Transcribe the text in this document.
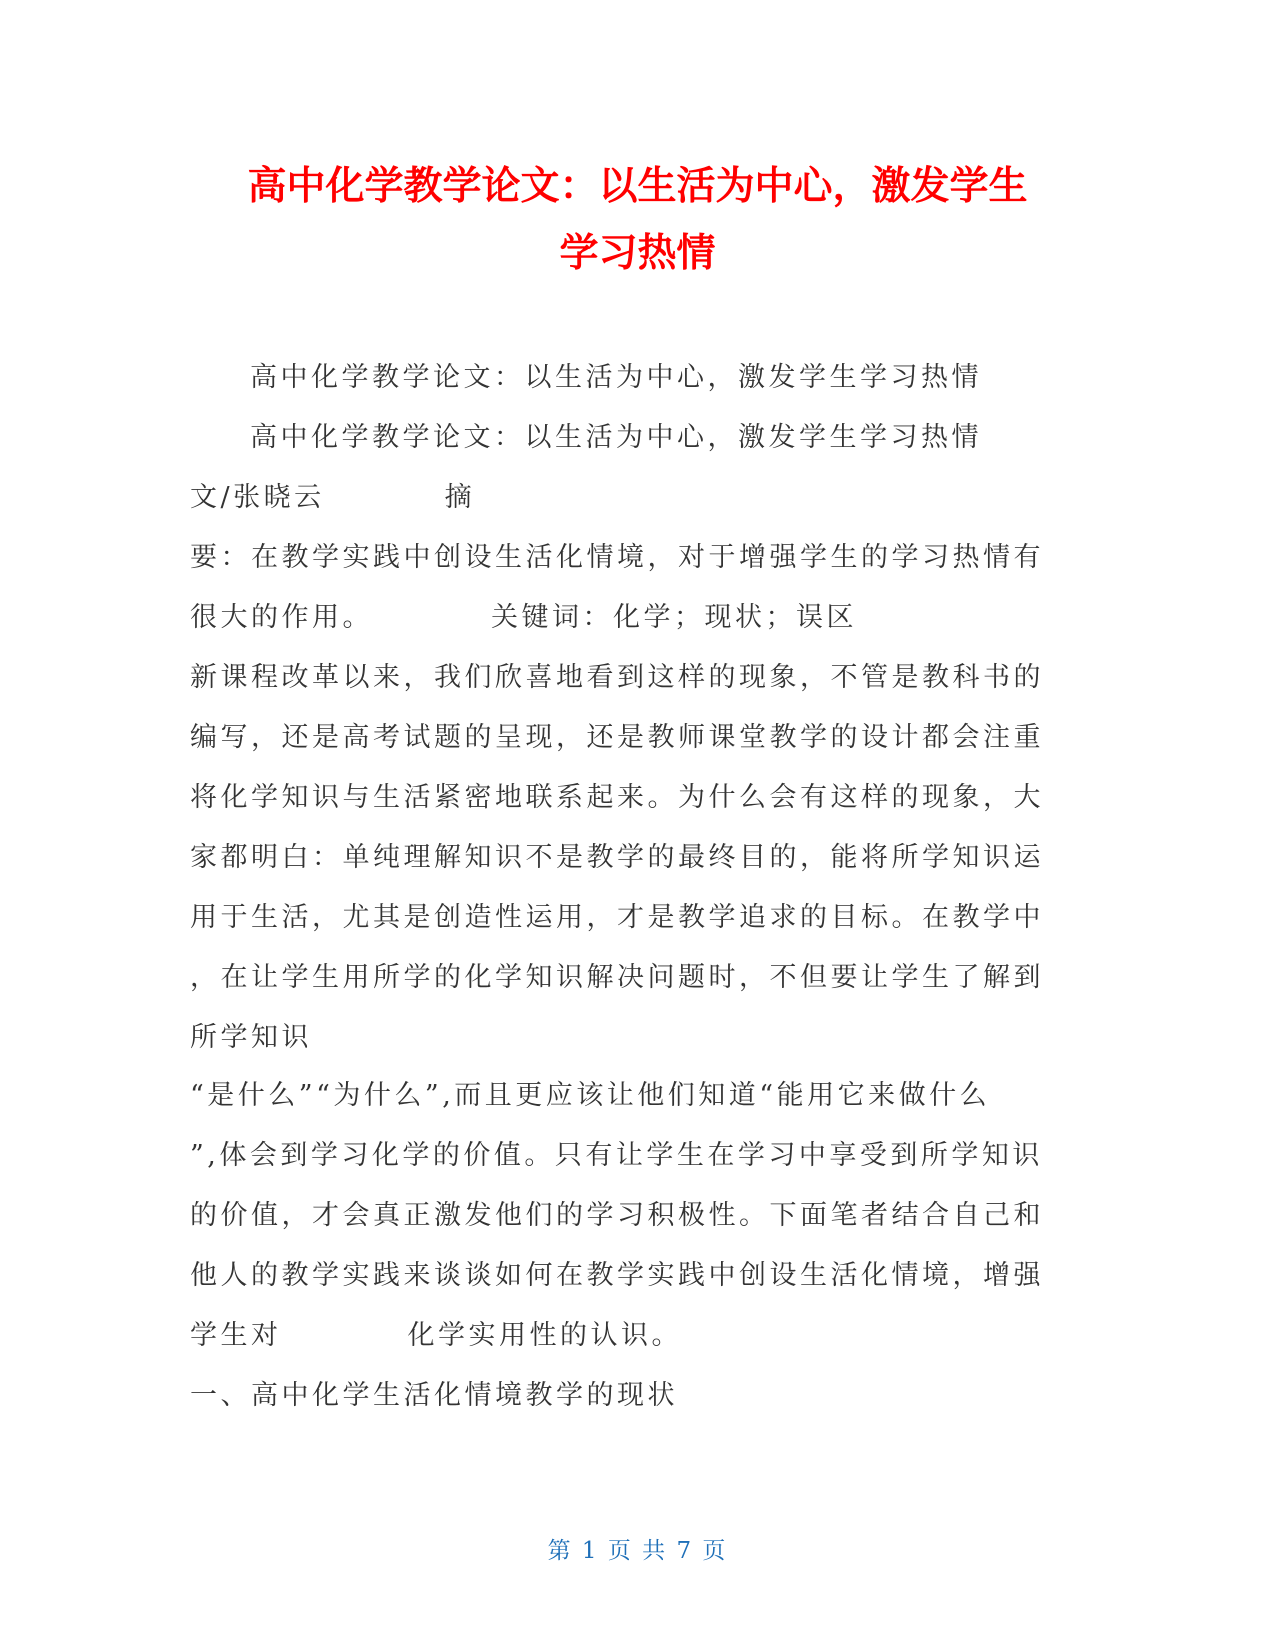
高中化学教学论文：以生活为中心，激发学生
学习热情
高中化学教学论文：以生活为中心，激发学生学习热情
高中化学教学论文：以生活为中心，激发学生学习热情
文/张晓云	摘
要：在教学实践中创设生活化情境，对于增强学生的学习热情有
很大的作用。	关键词：化学；现状；误区
新课程改革以来，我们欣喜地看到这样的现象，不管是教科书的
编写，还是高考试题的呈现，还是教师课堂教学的设计都会注重
将化学知识与生活紧密地联系起来。为什么会有这样的现象，大
家都明白：单纯理解知识不是教学的最终目的，能将所学知识运
用于生活，尤其是创造性运用，才是教学追求的目标。在教学中
，在让学生用所学的化学知识解决问题时，不但要让学生了解到
所学知识
“是什么”“为什么”,而且更应该让他们知道“能用它来做什么
”,体会到学习化学的价值。只有让学生在学习中享受到所学知识
的价值，才会真正激发他们的学习积极性。下面笔者结合自己和
他人的教学实践来谈谈如何在教学实践中创设生活化情境，增强
学生对	化学实用性的认识。
一、高中化学生活化情境教学的现状
第 1 页 共 7 页
